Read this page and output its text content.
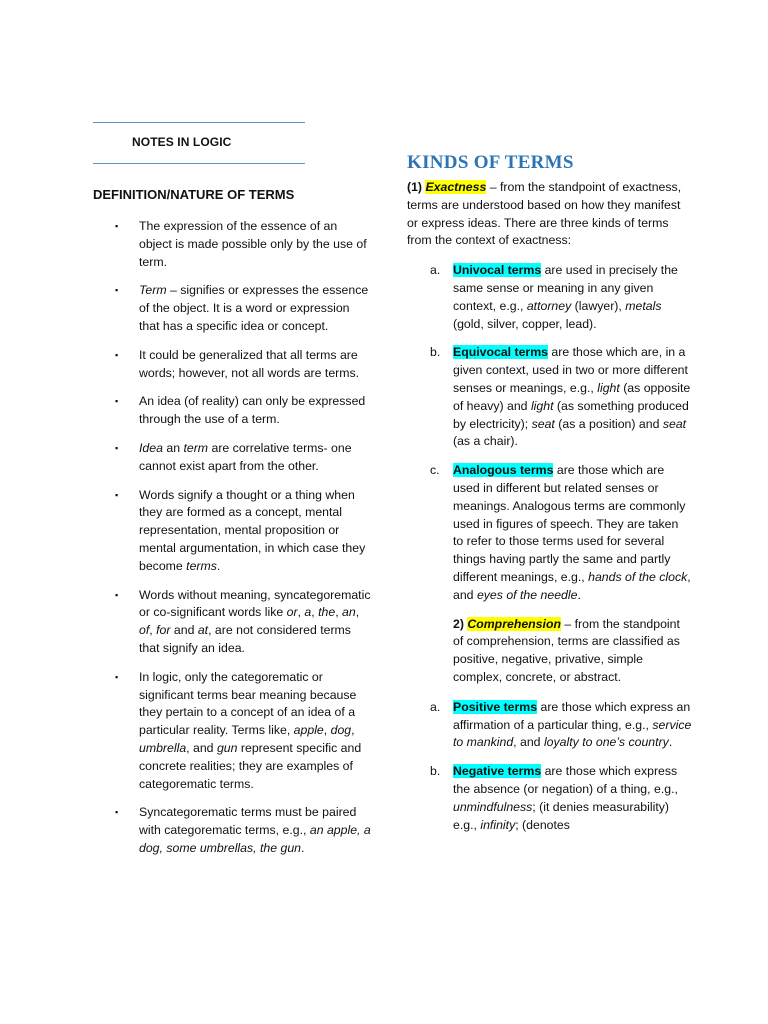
NOTES IN LOGIC
DEFINITION/NATURE OF TERMS
▪ The expression of the essence of an object is made possible only by the use of term.
▪ Term – signifies or expresses the essence of the object. It is a word or expression that has a specific idea or concept.
▪ It could be generalized that all terms are words; however, not all words are terms.
▪ An idea (of reality) can only be expressed through the use of a term.
▪ Idea an term are correlative terms- one cannot exist apart from the other.
▪ Words signify a thought or a thing when they are formed as a concept, mental representation, mental proposition or mental argumentation, in which case they become terms.
▪ Words without meaning, syncategorematic or co-significant words like or, a, the, an, of, for and at, are not considered terms that signify an idea.
▪ In logic, only the categorematic or significant terms bear meaning because they pertain to a concept of an idea of a particular reality. Terms like, apple, dog, umbrella, and gun represent specific and concrete realities; they are examples of categorematic terms.
▪ Syncategorematic terms must be paired with categorematic terms, e.g., an apple, a dog, some umbrellas, the gun.
KINDS OF TERMS
(1) Exactness – from the standpoint of exactness, terms are understood based on how they manifest or express ideas. There are three kinds of terms from the context of exactness:
a. Univocal terms are used in precisely the same sense or meaning in any given context, e.g., attorney (lawyer), metals (gold, silver, copper, lead).
b. Equivocal terms are those which are, in a given context, used in two or more different senses or meanings, e.g., light (as opposite of heavy) and light (as something produced by electricity); seat (as a position) and seat (as a chair).
c. Analogous terms are those which are used in different but related senses or meanings. Analogous terms are commonly used in figures of speech. They are taken to refer to those terms used for several things having partly the same and partly different meanings, e.g., hands of the clock, and eyes of the needle.
2) Comprehension – from the standpoint of comprehension, terms are classified as positive, negative, privative, simple complex, concrete, or abstract.
a. Positive terms are those which express an affirmation of a particular thing, e.g., service to mankind, and loyalty to one’s country.
b. Negative terms are those which express the absence (or negation) of a thing, e.g., unmindfulness; (it denies measurability) e.g., infinity; (denotes
